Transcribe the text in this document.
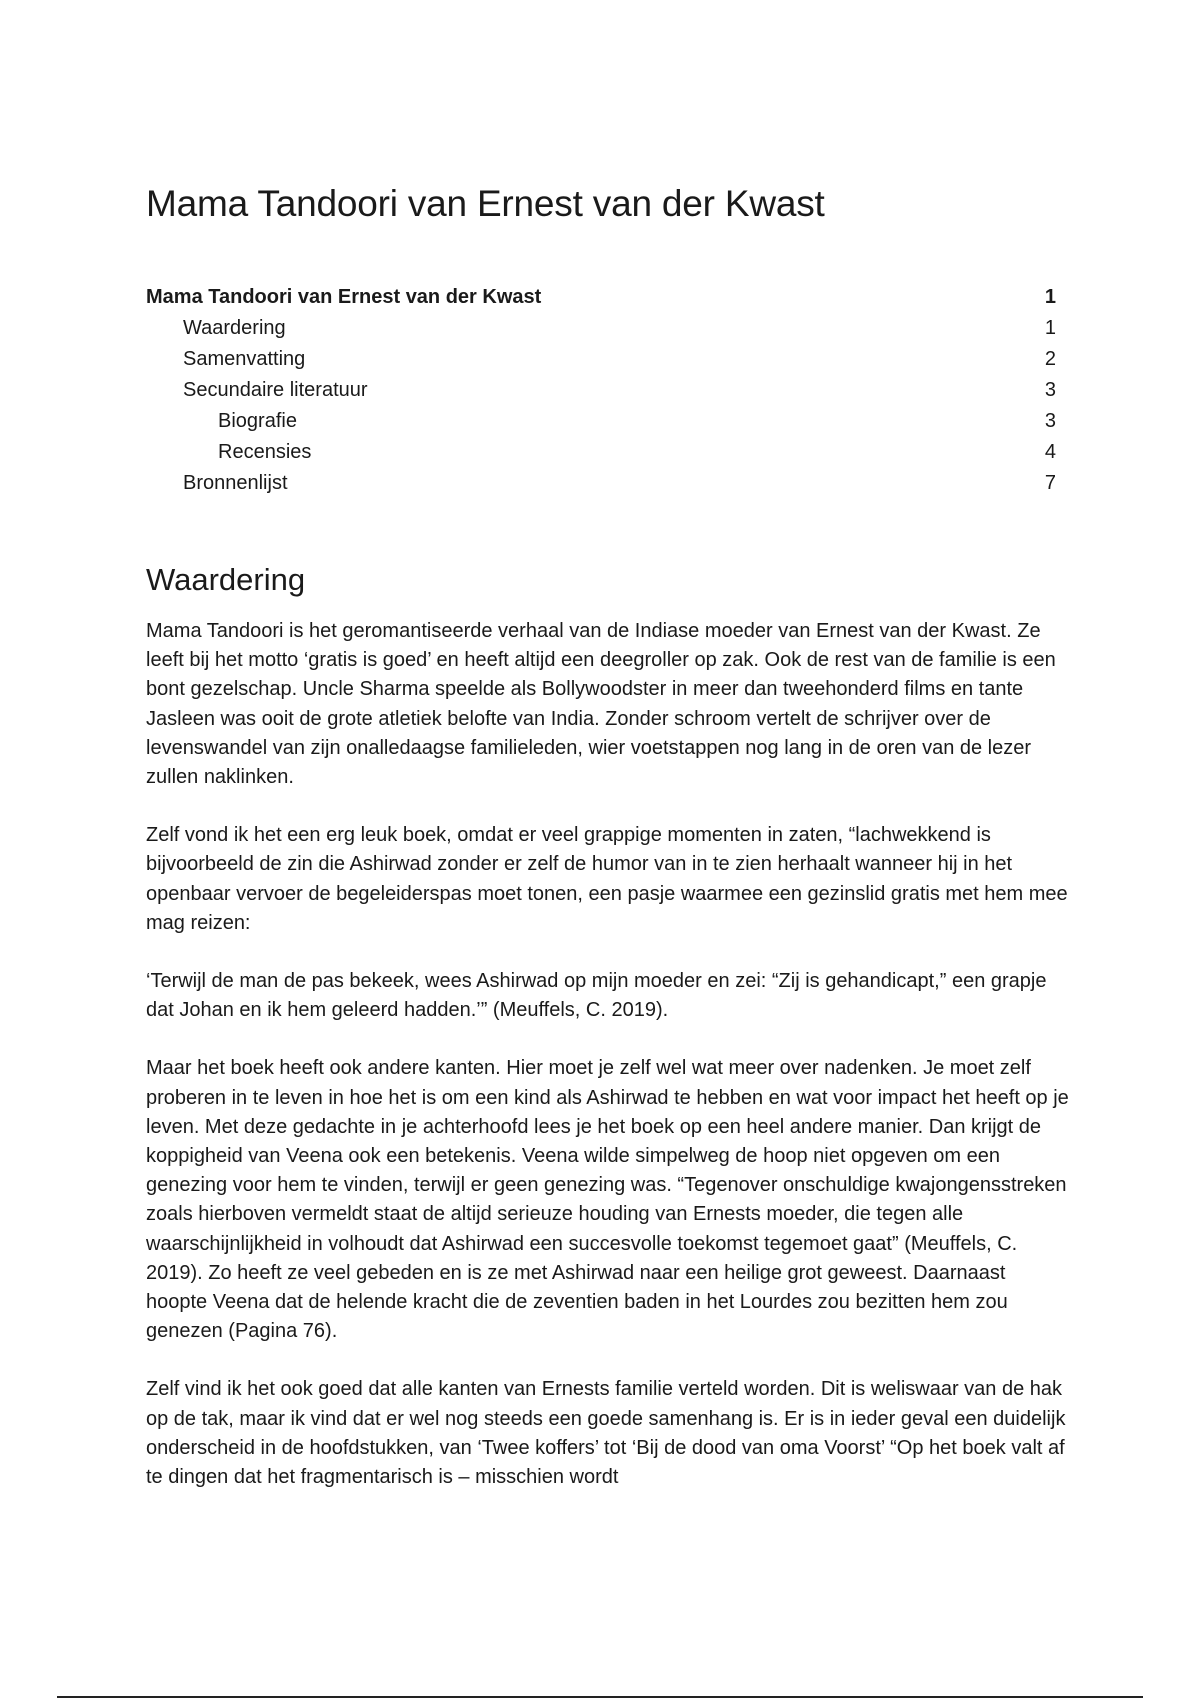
Mama Tandoori van Ernest van der Kwast
Mama Tandoori van Ernest van der Kwast	1
Waardering	1
Samenvatting	2
Secundaire literatuur	3
Biografie	3
Recensies	4
Bronnenlijst	7
Waardering

Mama Tandoori is het geromantiseerde verhaal van de Indiase moeder van Ernest van der Kwast. Ze leeft bij het motto ‘gratis is goed’ en heeft altijd een deegroller op zak. Ook de rest van de familie is een bont gezelschap. Uncle Sharma speelde als Bollywoodster in meer dan tweehonderd films en tante Jasleen was ooit de grote atletiek belofte van India. Zonder schroom vertelt de schrijver over de levenswandel van zijn onalledaagse familieleden, wier voetstappen nog lang in de oren van de lezer zullen naklinken.

Zelf vond ik het een erg leuk boek, omdat er veel grappige momenten in zaten, “lachwekkend is bijvoorbeeld de zin die Ashirwad zonder er zelf de humor van in te zien herhaalt wanneer hij in het openbaar vervoer de begeleiderspas moet tonen, een pasje waarmee een gezinslid gratis met hem mee mag reizen:

‘Terwijl de man de pas bekeek, wees Ashirwad op mijn moeder en zei: “Zij is gehandicapt,” een grapje dat Johan en ik hem geleerd hadden.’” (Meuffels, C. 2019).

Maar het boek heeft ook andere kanten. Hier moet je zelf wel wat meer over nadenken. Je moet zelf proberen in te leven in hoe het is om een kind als Ashirwad te hebben en wat voor impact het heeft op je leven. Met deze gedachte in je achterhoofd lees je het boek op een heel andere manier. Dan krijgt de koppigheid van Veena ook een betekenis. Veena wilde simpelweg de hoop niet opgeven om een genezing voor hem te vinden, terwijl er geen genezing was. “Tegenover onschuldige kwajongensstreken zoals hierboven vermeldt staat de altijd serieuze houding van Ernests moeder, die tegen alle waarschijnlijkheid in volhoudt dat Ashirwad een succesvolle toekomst tegemoet gaat” (Meuffels, C. 2019). Zo heeft ze veel gebeden en is ze met Ashirwad naar een heilige grot geweest. Daarnaast hoopte Veena dat de helende kracht die de zeventien baden in het Lourdes zou bezitten hem zou genezen (Pagina 76).

Zelf vind ik het ook goed dat alle kanten van Ernests familie verteld worden. Dit is weliswaar van de hak op de tak, maar ik vind dat er wel nog steeds een goede samenhang is. Er is in ieder geval een duidelijk onderscheid in de hoofdstukken, van ‘Twee koffers’ tot ‘Bij de dood van oma Voorst’ “Op het boek valt af te dingen dat het fragmentarisch is – misschien wordt
